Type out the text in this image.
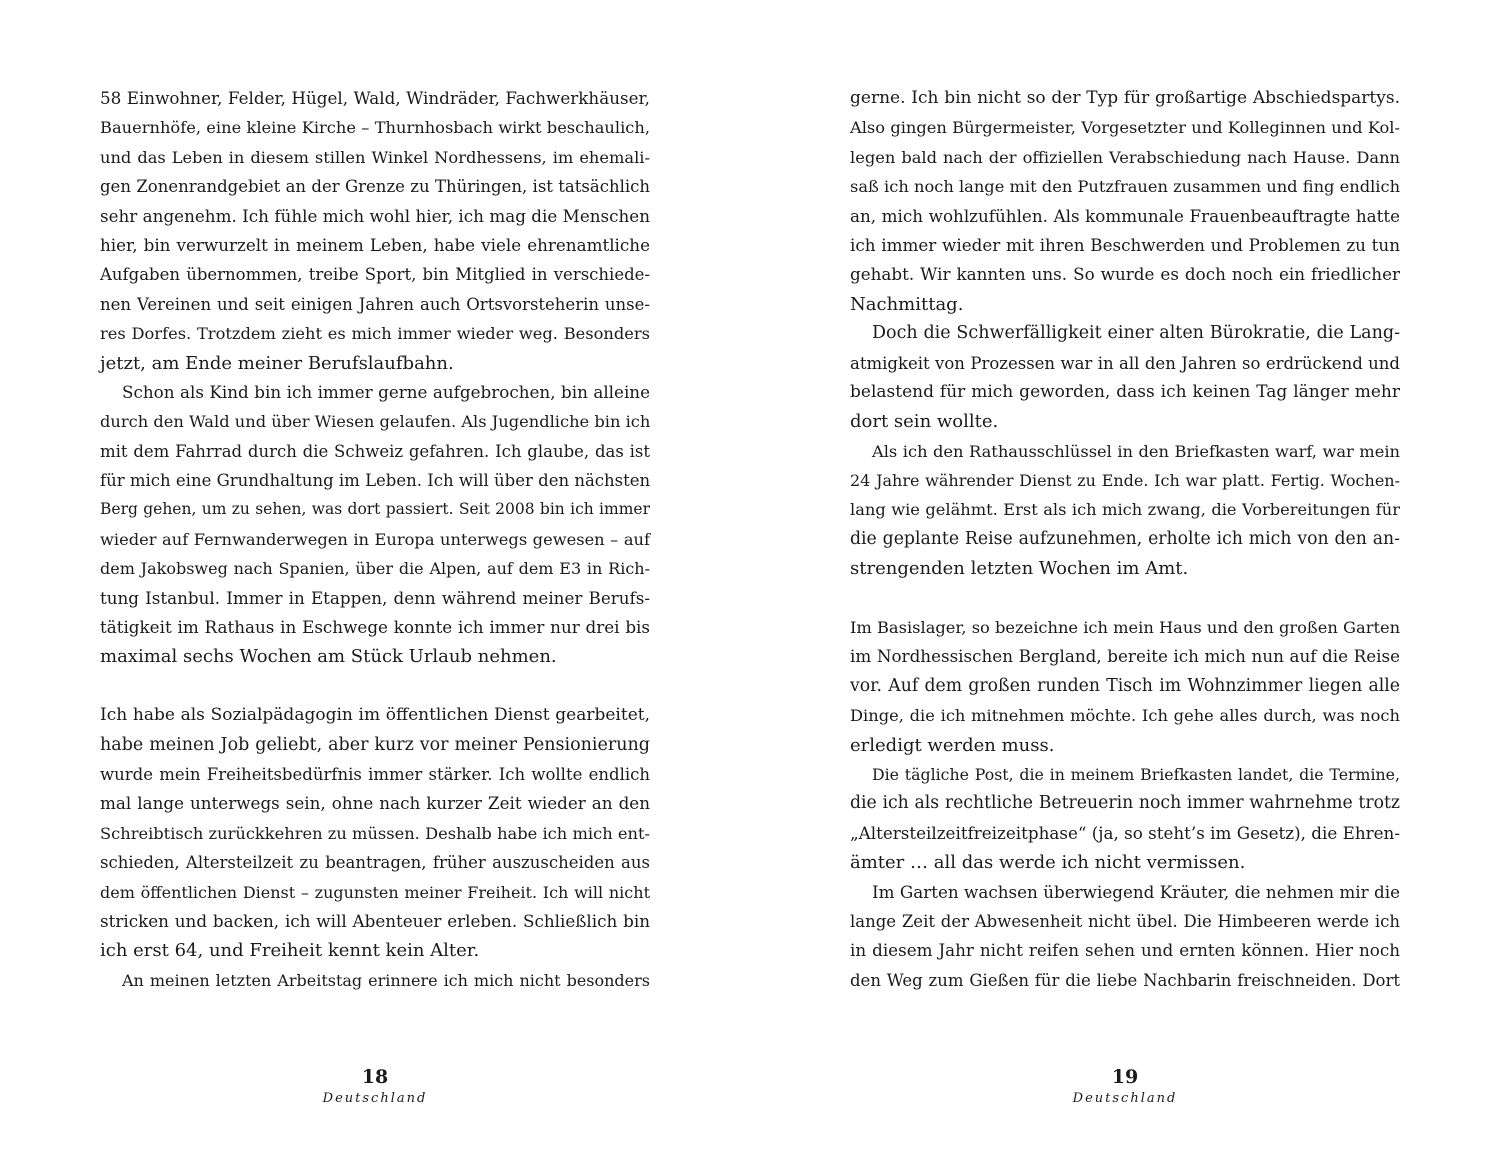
58 Einwohner, Felder, Hügel, Wald, Windräder, Fachwerkhäuser,
Bauernhöfe, eine kleine Kirche – Thurnhosbach wirkt beschaulich,
und das Leben in diesem stillen Winkel Nordhessens, im ehemali-
gen Zonenrandgebiet an der Grenze zu Thüringen, ist tatsächlich
sehr angenehm. Ich fühle mich wohl hier, ich mag die Menschen
hier, bin verwurzelt in meinem Leben, habe viele ehrenamtliche
Aufgaben übernommen, treibe Sport, bin Mitglied in verschiede-
nen Vereinen und seit einigen Jahren auch Ortsvorsteherin unse-
res Dorfes. Trotzdem zieht es mich immer wieder weg. Besonders
jetzt, am Ende meiner Berufslaufbahn.
Schon als Kind bin ich immer gerne aufgebrochen, bin alleine
durch den Wald und über Wiesen gelaufen. Als Jugendliche bin ich
mit dem Fahrrad durch die Schweiz gefahren. Ich glaube, das ist
für mich eine Grundhaltung im Leben. Ich will über den nächsten
Berg gehen, um zu sehen, was dort passiert. Seit 2008 bin ich immer
wieder auf Fernwanderwegen in Europa unterwegs gewesen – auf
dem Jakobsweg nach Spanien, über die Alpen, auf dem E3 in Rich-
tung Istanbul. Immer in Etappen, denn während meiner Berufs-
tätigkeit im Rathaus in Eschwege konnte ich immer nur drei bis
maximal sechs Wochen am Stück Urlaub nehmen.
Ich habe als Sozialpädagogin im öffentlichen Dienst gearbeitet,
habe meinen Job geliebt, aber kurz vor meiner Pensionierung
wurde mein Freiheitsbedürfnis immer stärker. Ich wollte endlich
mal lange unterwegs sein, ohne nach kurzer Zeit wieder an den
Schreibtisch zurückkehren zu müssen. Deshalb habe ich mich ent-
schieden, Altersteilzeit zu beantragen, früher auszuscheiden aus
dem öffentlichen Dienst – zugunsten meiner Freiheit. Ich will nicht
stricken und backen, ich will Abenteuer erleben. Schließlich bin
ich erst 64, und Freiheit kennt kein Alter.
An meinen letzten Arbeitstag erinnere ich mich nicht besonders
18
Deutschland
gerne. Ich bin nicht so der Typ für großartige Abschiedspartys.
Also gingen Bürgermeister, Vorgesetzter und Kolleginnen und Kol-
legen bald nach der offiziellen Verabschiedung nach Hause. Dann
saß ich noch lange mit den Putzfrauen zusammen und fing endlich
an, mich wohlzufühlen. Als kommunale Frauenbeauftragte hatte
ich immer wieder mit ihren Beschwerden und Problemen zu tun
gehabt. Wir kannten uns. So wurde es doch noch ein friedlicher
Nachmittag.
Doch die Schwerfälligkeit einer alten Bürokratie, die Lang-
atmigkeit von Prozessen war in all den Jahren so erdrückend und
belastend für mich geworden, dass ich keinen Tag länger mehr
dort sein wollte.
Als ich den Rathausschlüssel in den Briefkasten warf, war mein
24 Jahre währender Dienst zu Ende. Ich war platt. Fertig. Wochen-
lang wie gelähmt. Erst als ich mich zwang, die Vorbereitungen für
die geplante Reise aufzunehmen, erholte ich mich von den an-
strengenden letzten Wochen im Amt.
Im Basislager, so bezeichne ich mein Haus und den großen Garten
im Nordhessischen Bergland, bereite ich mich nun auf die Reise
vor. Auf dem großen runden Tisch im Wohnzimmer liegen alle
Dinge, die ich mitnehmen möchte. Ich gehe alles durch, was noch
erledigt werden muss.
Die tägliche Post, die in meinem Briefkasten landet, die Termine,
die ich als rechtliche Betreuerin noch immer wahrnehme trotz
„Altersteilzeitfreizeitphase“ (ja, so steht’s im Gesetz), die Ehren-
ämter … all das werde ich nicht vermissen.
Im Garten wachsen überwiegend Kräuter, die nehmen mir die
lange Zeit der Abwesenheit nicht übel. Die Himbeeren werde ich
in diesem Jahr nicht reifen sehen und ernten können. Hier noch
den Weg zum Gießen für die liebe Nachbarin freischneiden. Dort
19
Deutschland
